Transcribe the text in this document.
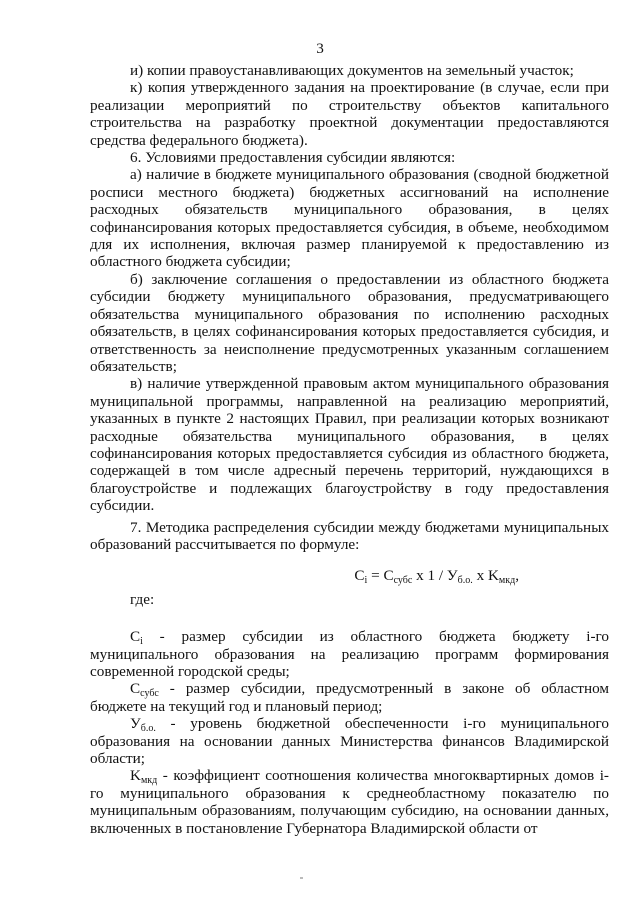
3

и) копии правоустанавливающих документов на земельный участок;

к) копия утвержденного задания на проектирование (в случае, если при реализации мероприятий по строительству объектов капитального строительства на разработку проектной документации предоставляются средства федерального бюджета).

6. Условиями предоставления субсидии являются:

а) наличие в бюджете муниципального образования (сводной бюджетной росписи местного бюджета) бюджетных ассигнований на исполнение расходных обязательств муниципального образования, в целях софинансирования которых предоставляется субсидия, в объеме, необходимом для их исполнения, включая размер планируемой к предоставлению из областного бюджета субсидии;

б) заключение соглашения о предоставлении из областного бюджета субсидии бюджету муниципального образования, предусматривающего обязательства муниципального образования по исполнению расходных обязательств, в целях софинансирования которых предоставляется субсидия, и ответственность за неисполнение предусмотренных указанным соглашением обязательств;

в) наличие утвержденной правовым актом муниципального образования муниципальной программы, направленной на реализацию мероприятий, указанных в пункте 2 настоящих Правил, при реализации которых возникают расходные обязательства муниципального образования, в целях софинансирования которых предоставляется субсидия из областного бюджета, содержащей в том числе адресный перечень территорий, нуждающихся в благоустройстве и подлежащих благоустройству в году предоставления субсидии.

7. Методика распределения субсидии между бюджетами муниципальных образований рассчитывается по формуле:

$C_i = C_{субс}$ x $1 / У_{б.о.}$ x $K_{мкд}$,

где:

$C_i$ - размер субсидии из областного бюджета бюджету i-го муниципального образования на реализацию программ формирования современной городской среды;

$C_{субс}$ - размер субсидии, предусмотренный в законе об областном бюджете на текущий год и плановый период;

$У_{б.о.}$ - уровень бюджетной обеспеченности i-го муниципального образования на основании данных Министерства финансов Владимирской области;

$K_{мкд}$ - коэффициент соотношения количества многоквартирных домов i-го муниципального образования к среднеобластному показателю по муниципальным образованиям, получающим субсидию, на основании данных, включенных в постановление Губернатора Владимирской области от
